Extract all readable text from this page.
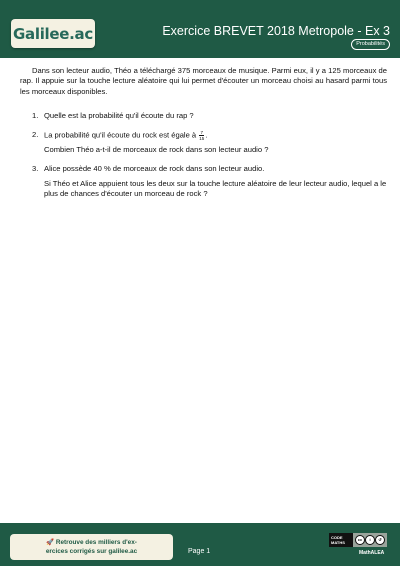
Galilee.ac	Exercice BREVET 2018 Metropole - Ex 3
Probabilités

Dans son lecteur audio, Théo a téléchargé 375 morceaux de musique. Parmi eux, il y a 125 morceaux de rap. Il appuie sur la touche lecture aléatoire qui lui permet d'écouter un morceau choisi au hasard parmi tous les morceaux disponibles.

1. Quelle est la probabilité qu'il écoute du rap ?

2. La probabilité qu'il écoute du rock est égale à $\frac{7}{15}$ .

Combien Théo a-t-il de morceaux de rock dans son lecteur audio ?

3. Alice possède 40 % de morceaux de rock dans son lecteur audio.

Si Théo et Alice appuient tous les deux sur la touche lecture aléatoire de leur lecteur audio, lequel a le plus de chances d'écouter un morceau de rock ?

🚀 Retrouve des milliers d'ex-
ercices corrigés sur galilee.ac	Page 1
CODE
MATHS
cc	i	↺
MathALEA
